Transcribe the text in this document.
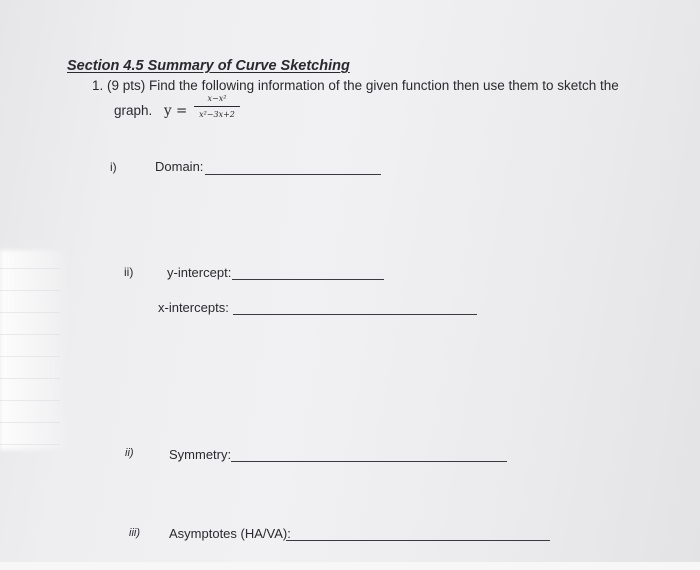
Section 4.5 Summary of Curve Sketching
1. (9 pts) Find the following information of the given function then use them to sketch the
graph. y =
x−x²
x²−3x+2
i)	Domain:
ii)	y-intercept:
x-intercepts:
ii)	Symmetry:
iii) Asymptotes (HA/VA):
